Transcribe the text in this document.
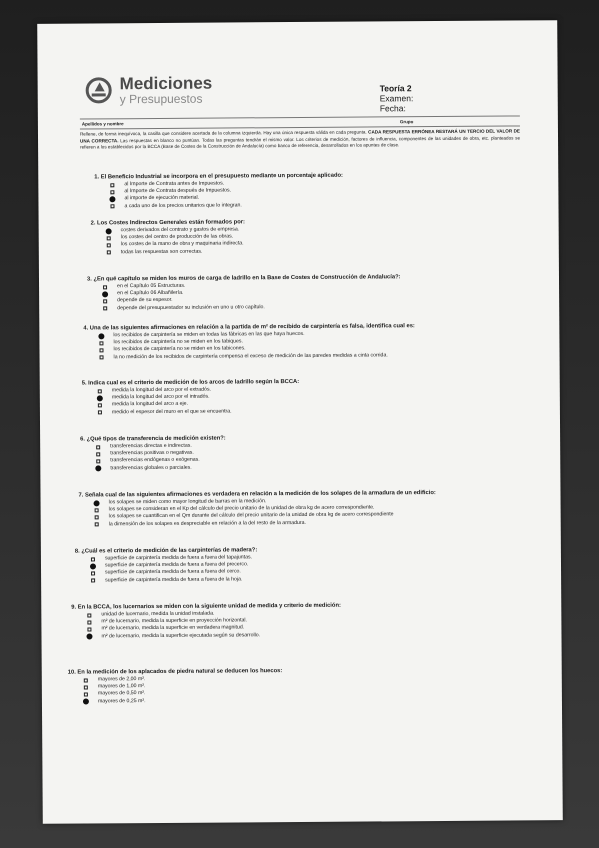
Mediciones
y Presupuestos
Teoría 2
Examen:
Fecha:
Apellidos y nombre	Grupo
Rellene, de forma inequívoca, la casilla que considere acertada de la columna izquierda. Hay una única respuesta válida en cada pregunta. CADA RESPUESTA ERRÓNEA RESTARÁ UN TERCIO DEL VALOR DE UNA CORRECTA. Las respuestas en blanco no puntúan. Todas las preguntas tendrán el mismo valor. Los criterios de medición, factores de influencia, componentes de las unidades de obra, etc. planteados se refieren a los establecidos por la BCCA (Base de Costes de la Construcción de Andalucía) como banco de referencia, desarrollados en los apuntes de clase.
1. El Beneficio Industrial se incorpora en el presupuesto mediante un porcentaje aplicado:
al Importe de Contrata antes de Impuestos.
al Importe de Contrata después de Impuestos.
al importe de ejecución material.
a cada uno de los precios unitarios que lo integran.
2. Los Costes Indirectos Generales están formados por:
costes derivados del contrato y gastos de empresa.
los costes del centro de producción de las obras.
los costes de la mano de obra y maquinaria indirecta.
todas las respuestas son correctas.
3. ¿En qué capítulo se miden los muros de carga de ladrillo en la Base de Costes de Construcción de Andalucía?:
en el Capítulo 05 Estructuras.
en el Capítulo 06 Albañilería.
depende de su espesor.
depende del presupuestador su inclusión en uno u otro capítulo.
4. Una de las siguientes afirmaciones en relación a la partida de m² de recibido de carpintería es falsa, identifica cual es:
los recibidos de carpintería se miden en todas las fábricas en las que haya huecos.
los recibidos de carpintería no se miden en los tabiques.
los recibidos de carpintería no se miden en los tabicones.
la no medición de los recibidos de carpintería compensa el exceso de medición de las paredes medidas a cinta corrida.
5. Indica cual es el criterio de medición de los arcos de ladrillo según la BCCA:
medida la longitud del arco por el extradós.
medida la longitud del arco por el intradós.
medida la longitud del arco a eje.
medido el espesor del muro en el que se encuentra.
6. ¿Qué tipos de transferencia de medición existen?:
transferencias directas e indirectas.
transferencias positivas o negativas.
transferencias endógenas o exógenas.
transferencias globales o parciales.
7. Señala cual de las siguientes afirmaciones es verdadera en relación a la medición de los solapes de la armadura de un edificio:
los solapes se miden como mayor longitud de barras en la medición.
los solapes se consideran en el Kp del cálculo del precio unitario de la unidad de obra kg de acero correspondiente.
los solapes se cuantifican en el Qm durante del cálculo del precio unitario de la unidad de obra kg de acero correspondiente
la dimensión de los solapes es despreciable en relación a la del resto de la armadura.
8. ¿Cuál es el criterio de medición de las carpinterías de madera?:
superficie de carpintería medida de fuera a fuera del tapajuntas.
superficie de carpintería medida de fuera a fuera del precerco.
superficie de carpintería medida de fuera a fuera del cerco.
superficie de carpintería medida de fuera a fuera de la hoja.
9. En la BCCA, los lucernarios se miden con la siguiente unidad de medida y criterio de medición:
unidad de lucernario, medida la unidad instalada.
m² de lucernario, medida la superficie en proyección horizontal.
m² de lucernario, medida la superficie en verdadera magnitud.
m² de lucernario, medida la superficie ejecutada según su desarrollo.
10. En la medición de los aplacados de piedra natural se deducen los huecos:
mayores de 2,00 m².
mayores de 1,00 m².
mayores de 0,50 m².
mayores de 0,25 m².
